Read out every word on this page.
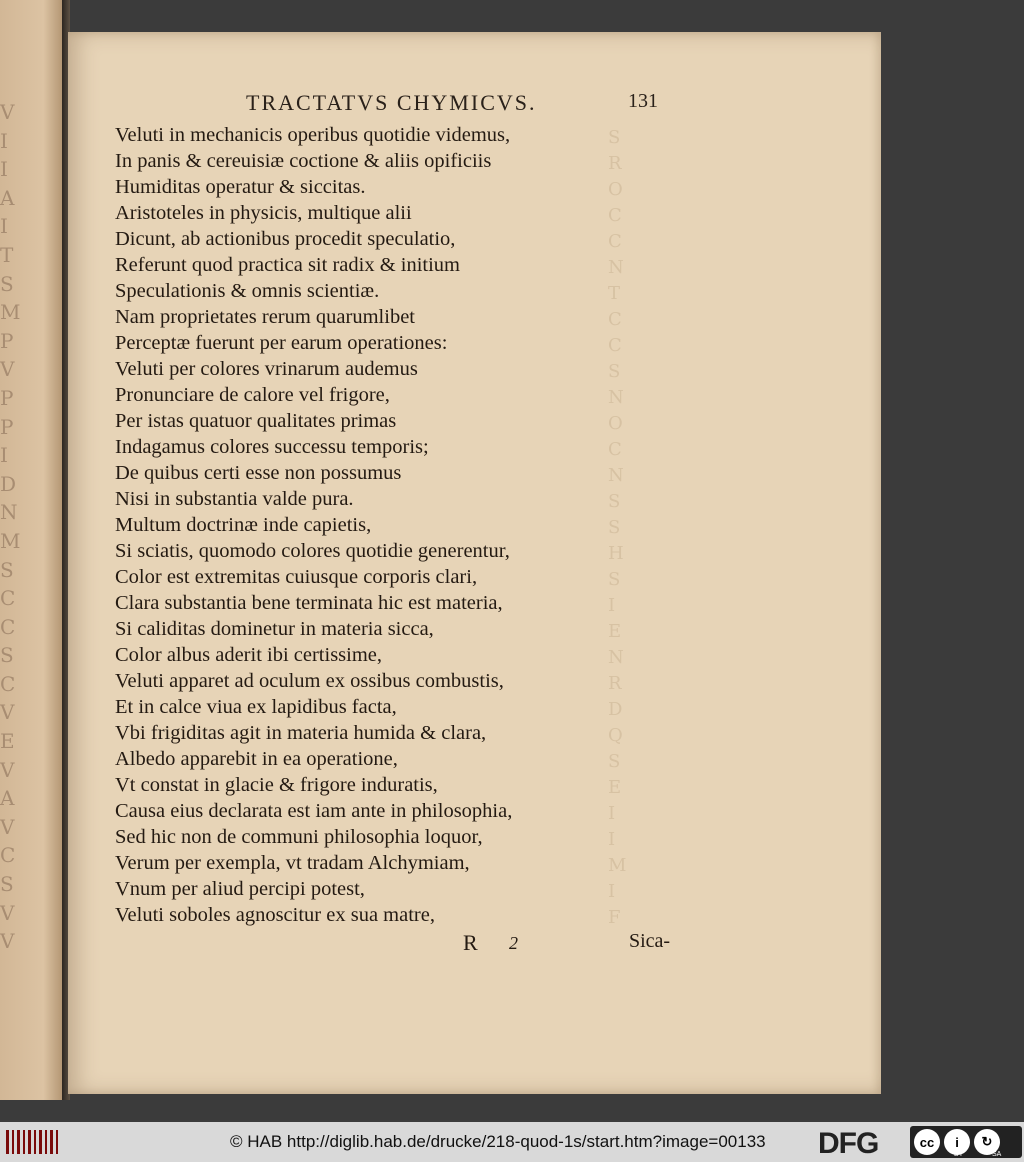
V
I
I
A
I
T
S
M
P
V
P
P
I
D
N
M
S
C
C
S
C
V
E
V
A
V
C
S
V
V
S
R
O
C
C
N
T
C
C
S
N
O
C
N
S
S
H
S
I
E
N
R
D
Q
S
E
I
I
M
I
F
TRACTATVS CHYMICVS.	131
Veluti in mechanicis operibus quotidie videmus,
In panis & cereuisiæ coctione & aliis opificiis
Humiditas operatur & siccitas.
Aristoteles in physicis, multique alii
Dicunt, ab actionibus procedit speculatio,
Referunt quod practica sit radix & initium
Speculationis & omnis scientiæ.
Nam proprietates rerum quarumlibet
Perceptæ fuerunt per earum operationes:
Veluti per colores vrinarum audemus
Pronunciare de calore vel frigore,
Per istas quatuor qualitates primas
Indagamus colores successu temporis;
De quibus certi esse non possumus
Nisi in substantia valde pura.
Multum doctrinæ inde capietis,
Si sciatis, quomodo colores quotidie generentur,
Color est extremitas cuiusque corporis clari,
Clara substantia bene terminata hic est materia,
Si caliditas dominetur in materia sicca,
Color albus aderit ibi certissime,
Veluti apparet ad oculum ex ossibus combustis,
Et in calce viua ex lapidibus facta,
Vbi frigiditas agit in materia humida & clara,
Albedo apparebit in ea operatione,
Vt constat in glacie & frigore induratis,
Causa eius declarata est iam ante in philosophia,
Sed hic non de communi philosophia loquor,
Verum per exempla, vt tradam Alchymiam,
Vnum per aliud percipi potest,
Veluti soboles agnoscitur ex sua matre,
R 2	Sica-
© HAB http://diglib.hab.de/drucke/218-quod-1s/start.htm?image=00133 DFG	cc	i	↻
BY	SA
